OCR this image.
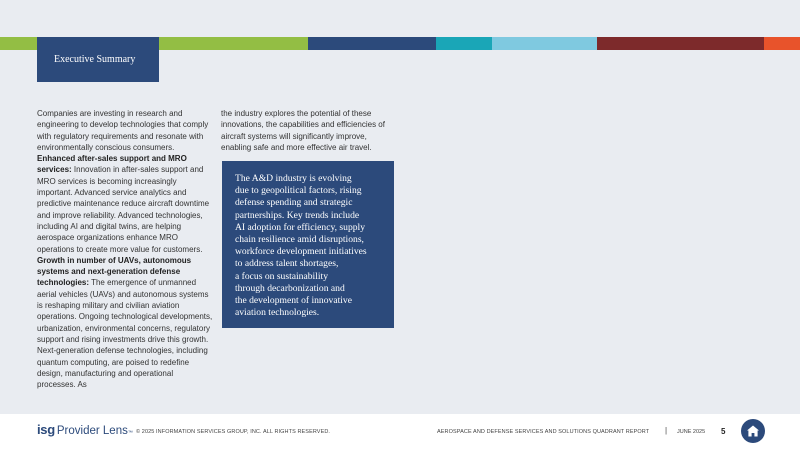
Executive Summary

Companies are investing in research and engineering to develop technologies that comply with regulatory requirements and resonate with environmentally conscious consumers.

Enhanced after-sales support and MRO services: Innovation in after-sales support and MRO services is becoming increasingly important. Advanced service analytics and predictive maintenance reduce aircraft downtime and improve reliability. Advanced technologies, including AI and digital twins, are helping aerospace organizations enhance MRO operations to create more value for customers.

Growth in number of UAVs, autonomous systems and next-generation defense technologies: The emergence of unmanned aerial vehicles (UAVs) and autonomous systems is reshaping military and civilian aviation operations. Ongoing technological developments, urbanization, environmental concerns, regulatory support and rising investments drive this growth. Next-generation defense technologies, including quantum computing, are poised to redefine design, manufacturing and operational processes. As

the industry explores the potential of these innovations, the capabilities and efficiencies of aircraft systems will significantly improve, enabling safe and more effective air travel.

The A&D industry is evolving
due to geopolitical factors, rising
defense spending and strategic
partnerships. Key trends include
AI adoption for efficiency, supply
chain resilience amid disruptions,
workforce development initiatives
to address talent shortages,
a focus on sustainability
through decarbonization and
the development of innovative
aviation technologies.
isg Provider Lens ™ © 2025 INFORMATION SERVICES GROUP, INC. ALL RIGHTS RESERVED.	AEROSPACE AND DEFENSE SERVICES AND SOLUTIONS QUADRANT REPORT | JUNE 2025 5
